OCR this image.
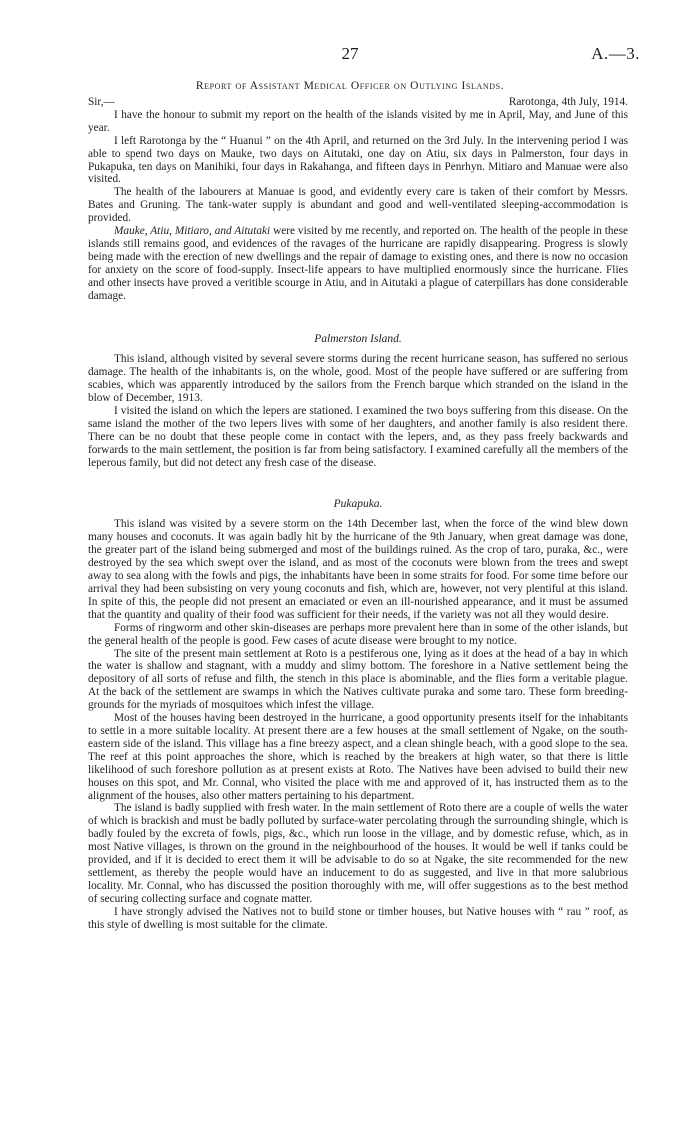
27	A.—3.
Report of Assistant Medical Officer on Outlying Islands.
Sir,—	Rarotonga, 4th July, 1914.

I have the honour to submit my report on the health of the islands visited by me in April, May, and June of this year.

I left Rarotonga by the “ Huanui ” on the 4th April, and returned on the 3rd July. In the intervening period I was able to spend two days on Mauke, two days on Aitutaki, one day on Atiu, six days in Palmerston, four days in Pukapuka, ten days on Manihiki, four days in Rakahanga, and fifteen days in Penrhyn. Mitiaro and Manuae were also visited.

The health of the labourers at Manuae is good, and evidently every care is taken of their comfort by Messrs. Bates and Gruning. The tank-water supply is abundant and good and well-ventilated sleeping-accommodation is provided.

Mauke, Atiu, Mitiaro, and Aitutaki were visited by me recently, and reported on. The health of the people in these islands still remains good, and evidences of the ravages of the hurricane are rapidly disappearing. Progress is slowly being made with the erection of new dwellings and the repair of damage to existing ones, and there is now no occasion for anxiety on the score of food-supply. Insect-life appears to have multiplied enormously since the hurricane. Flies and other insects have proved a veritible scourge in Atiu, and in Aitutaki a plague of caterpillars has done considerable damage.

Palmerston Island.

This island, although visited by several severe storms during the recent hurricane season, has suffered no serious damage. The health of the inhabitants is, on the whole, good. Most of the people have suffered or are suffering from scabies, which was apparently introduced by the sailors from the French barque which stranded on the island in the blow of December, 1913.

I visited the island on which the lepers are stationed. I examined the two boys suffering from this disease. On the same island the mother of the two lepers lives with some of her daughters, and another family is also resident there. There can be no doubt that these people come in contact with the lepers, and, as they pass freely backwards and forwards to the main settlement, the position is far from being satisfactory. I examined carefully all the members of the leperous family, but did not detect any fresh case of the disease.

Pukapuka.

This island was visited by a severe storm on the 14th December last, when the force of the wind blew down many houses and coconuts. It was again badly hit by the hurricane of the 9th January, when great damage was done, the greater part of the island being submerged and most of the buildings ruined. As the crop of taro, puraka, &c., were destroyed by the sea which swept over the island, and as most of the coconuts were blown from the trees and swept away to sea along with the fowls and pigs, the inhabitants have been in some straits for food. For some time before our arrival they had been subsisting on very young coconuts and fish, which are, however, not very plentiful at this island. In spite of this, the people did not present an emaciated or even an ill-nourished appearance, and it must be assumed that the quantity and quality of their food was sufficient for their needs, if the variety was not all they would desire.

Forms of ringworm and other skin-diseases are perhaps more prevalent here than in some of the other islands, but the general health of the people is good. Few cases of acute disease were brought to my notice.

The site of the present main settlement at Roto is a pestiferous one, lying as it does at the head of a bay in which the water is shallow and stagnant, with a muddy and slimy bottom. The foreshore in a Native settlement being the depository of all sorts of refuse and filth, the stench in this place is abominable, and the flies form a veritable plague. At the back of the settlement are swamps in which the Natives cultivate puraka and some taro. These form breeding-grounds for the myriads of mosquitoes which infest the village.

Most of the houses having been destroyed in the hurricane, a good opportunity presents itself for the inhabitants to settle in a more suitable locality. At present there are a few houses at the small settlement of Ngake, on the south-eastern side of the island. This village has a fine breezy aspect, and a clean shingle beach, with a good slope to the sea. The reef at this point approaches the shore, which is reached by the breakers at high water, so that there is little likelihood of such foreshore pollution as at present exists at Roto. The Natives have been advised to build their new houses on this spot, and Mr. Connal, who visited the place with me and approved of it, has instructed them as to the alignment of the houses, also other matters pertaining to his department.

The island is badly supplied with fresh water. In the main settlement of Roto there are a couple of wells the water of which is brackish and must be badly polluted by surface-water percolating through the surrounding shingle, which is badly fouled by the excreta of fowls, pigs, &c., which run loose in the village, and by domestic refuse, which, as in most Native villages, is thrown on the ground in the neighbourhood of the houses. It would be well if tanks could be provided, and if it is decided to erect them it will be advisable to do so at Ngake, the site recommended for the new settlement, as thereby the people would have an inducement to do as suggested, and live in that more salubrious locality. Mr. Connal, who has discussed the position thoroughly with me, will offer suggestions as to the best method of securing collecting surface and cognate matter.

I have strongly advised the Natives not to build stone or timber houses, but Native houses with “ rau ” roof, as this style of dwelling is most suitable for the climate.
